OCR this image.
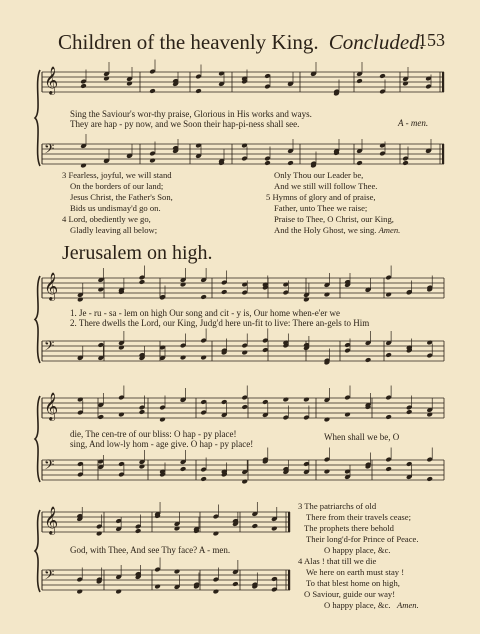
𝄞
𝄢
𝄞
𝄢
𝄞
𝄢
𝄞
𝄢
Children of the heavenly King. Concluded.
153
Sing the Saviour's wor-thy praise, Glorious in His works and ways.
They are hap - py now, and we Soon their hap-pi-ness shall see.	A - men.
3 Fearless, joyful, we will stand
On the borders of our land;
Jesus Christ, the Father's Son,
Bids us undismay'd go on.
4 Lord, obediently we go,
Gladly leaving all below;
Only Thou our Leader be,
And we still will follow Thee.
5 Hymns of glory and of praise,
Father, unto Thee we raise;
Praise to Thee, O Christ, our King,
And the Holy Ghost, we sing. Amen.
Jerusalem on high.
1. Je - ru - sa - lem on high Our song and cit - y is, Our home when-e'er we
2. There dwells the Lord, our King, Judg'd here un-fit to live: There an-gels to Him
die, The cen-tre of our bliss: O hap - py place!
sing, And low-ly hom - age give. O hap - py place!
When shall we be, O
God, with Thee, And see Thy face? A - men.
3 The patriarchs of old
There from their travels cease;
The prophets there behold
Their long'd-for Prince of Peace.
O happy place, &c.
4 Alas ! that till we die
We here on earth must stay !
To that blest home on high,
O Saviour, guide our way!
O happy place, &c. Amen.
